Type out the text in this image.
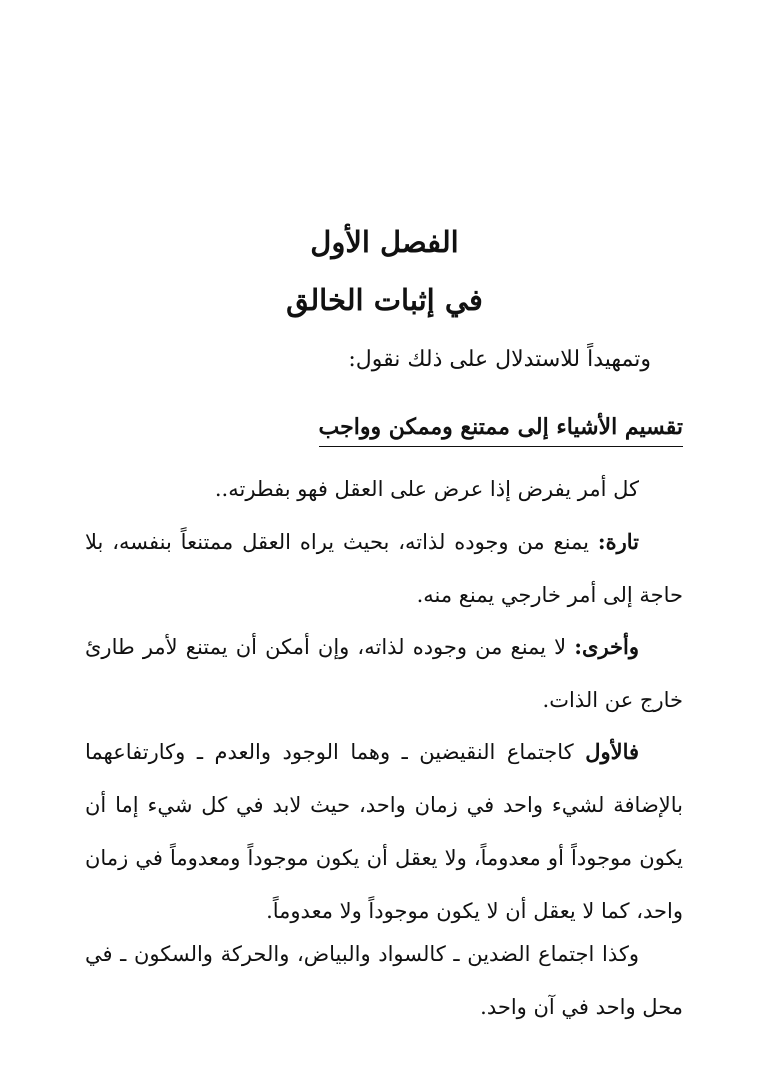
الفصل الأول
في إثبات الخالق

وتمهيداً للاستدلال على ذلك نقول:

تقسيم الأشياء إلى ممتنع وممكن وواجب

كل أمر يفرض إذا عرض على العقل فهو بفطرته..

تارة: يمنع من وجوده لذاته، بحيث يراه العقل ممتنعاً بنفسه، بلا حاجة إلى أمر خارجي يمنع منه.

وأخرى: لا يمنع من وجوده لذاته، وإن أمكن أن يمتنع لأمر طارئ خارج عن الذات.

فالأول كاجتماع النقيضين ـ وهما الوجود والعدم ـ وكارتفاعهما بالإضافة لشيء واحد في زمان واحد، حيث لابد في كل شيء إما أن يكون موجوداً أو معدوماً، ولا يعقل أن يكون موجوداً ومعدوماً في زمان واحد، كما لا يعقل أن لا يكون موجوداً ولا معدوماً.

وكذا اجتماع الضدين ـ كالسواد والبياض، والحركة والسكون ـ في محل واحد في آن واحد.
